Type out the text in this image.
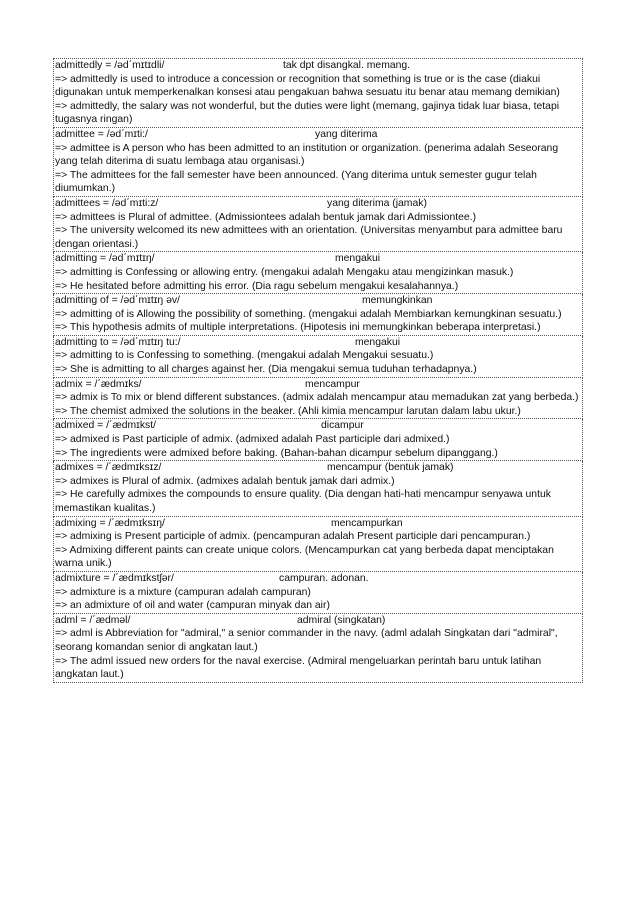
admittedly = /əd΄mɪtɪdli/	tak dpt disangkal. memang.
=> admittedly is used to introduce a concession or recognition that something is true or is the case (diakui digunakan untuk memperkenalkan konsesi atau pengakuan bahwa sesuatu itu benar atau memang demikian)
=> admittedly, the salary was not wonderful, but the duties were light (memang, gajinya tidak luar biasa, tetapi tugasnya ringan)
admittee = /əd΄mɪti:/	yang diterima
=> admittee is A person who has been admitted to an institution or organization. (penerima adalah Seseorang yang telah diterima di suatu lembaga atau organisasi.)
=> The admittees for the fall semester have been announced. (Yang diterima untuk semester gugur telah diumumkan.)
admittees = /əd΄mɪti:z/	yang diterima (jamak)
=> admittees is Plural of admittee. (Admissiontees adalah bentuk jamak dari Admissiontee.)
=> The university welcomed its new admittees with an orientation. (Universitas menyambut para admittee baru dengan orientasi.)
admitting = /əd΄mɪtɪŋ/	mengakui
=> admitting is Confessing or allowing entry. (mengakui adalah Mengaku atau mengizinkan masuk.)
=> He hesitated before admitting his error. (Dia ragu sebelum mengakui kesalahannya.)
admitting of = /əd΄mɪtɪŋ əv/	memungkinkan
=> admitting of is Allowing the possibility of something. (mengakui adalah Membiarkan kemungkinan sesuatu.)
=> This hypothesis admits of multiple interpretations. (Hipotesis ini memungkinkan beberapa interpretasi.)
admitting to = /əd΄mɪtɪŋ tu:/	mengakui
=> admitting to is Confessing to something. (mengakui adalah Mengakui sesuatu.)
=> She is admitting to all charges against her. (Dia mengakui semua tuduhan terhadapnya.)
admix = /΄ædmɪks/	mencampur
=> admix is To mix or blend different substances. (admix adalah mencampur atau memadukan zat yang berbeda.)
=> The chemist admixed the solutions in the beaker. (Ahli kimia mencampur larutan dalam labu ukur.)
admixed = /΄ædmɪkst/	dicampur
=> admixed is Past participle of admix. (admixed adalah Past participle dari admixed.)
=> The ingredients were admixed before baking. (Bahan-bahan dicampur sebelum dipanggang.)
admixes = /΄ædmɪksɪz/	mencampur (bentuk jamak)
=> admixes is Plural of admix. (admixes adalah bentuk jamak dari admix.)
=> He carefully admixes the compounds to ensure quality. (Dia dengan hati-hati mencampur senyawa untuk memastikan kualitas.)
admixing = /΄ædmɪksɪŋ/	mencampurkan
=> admixing is Present participle of admix. (pencampuran adalah Present participle dari pencampuran.)
=> Admixing different paints can create unique colors. (Mencampurkan cat yang berbeda dapat menciptakan warna unik.)
admixture = /΄ædmɪkstʃər/	campuran. adonan.
=> admixture is a mixture (campuran adalah campuran)
=> an admixture of oil and water (campuran minyak dan air)
adml = /΄ædməl/	admiral (singkatan)
=> adml is Abbreviation for "admiral," a senior commander in the navy. (adml adalah Singkatan dari "admiral", seorang komandan senior di angkatan laut.)
=> The adml issued new orders for the naval exercise. (Admiral mengeluarkan perintah baru untuk latihan angkatan laut.)
